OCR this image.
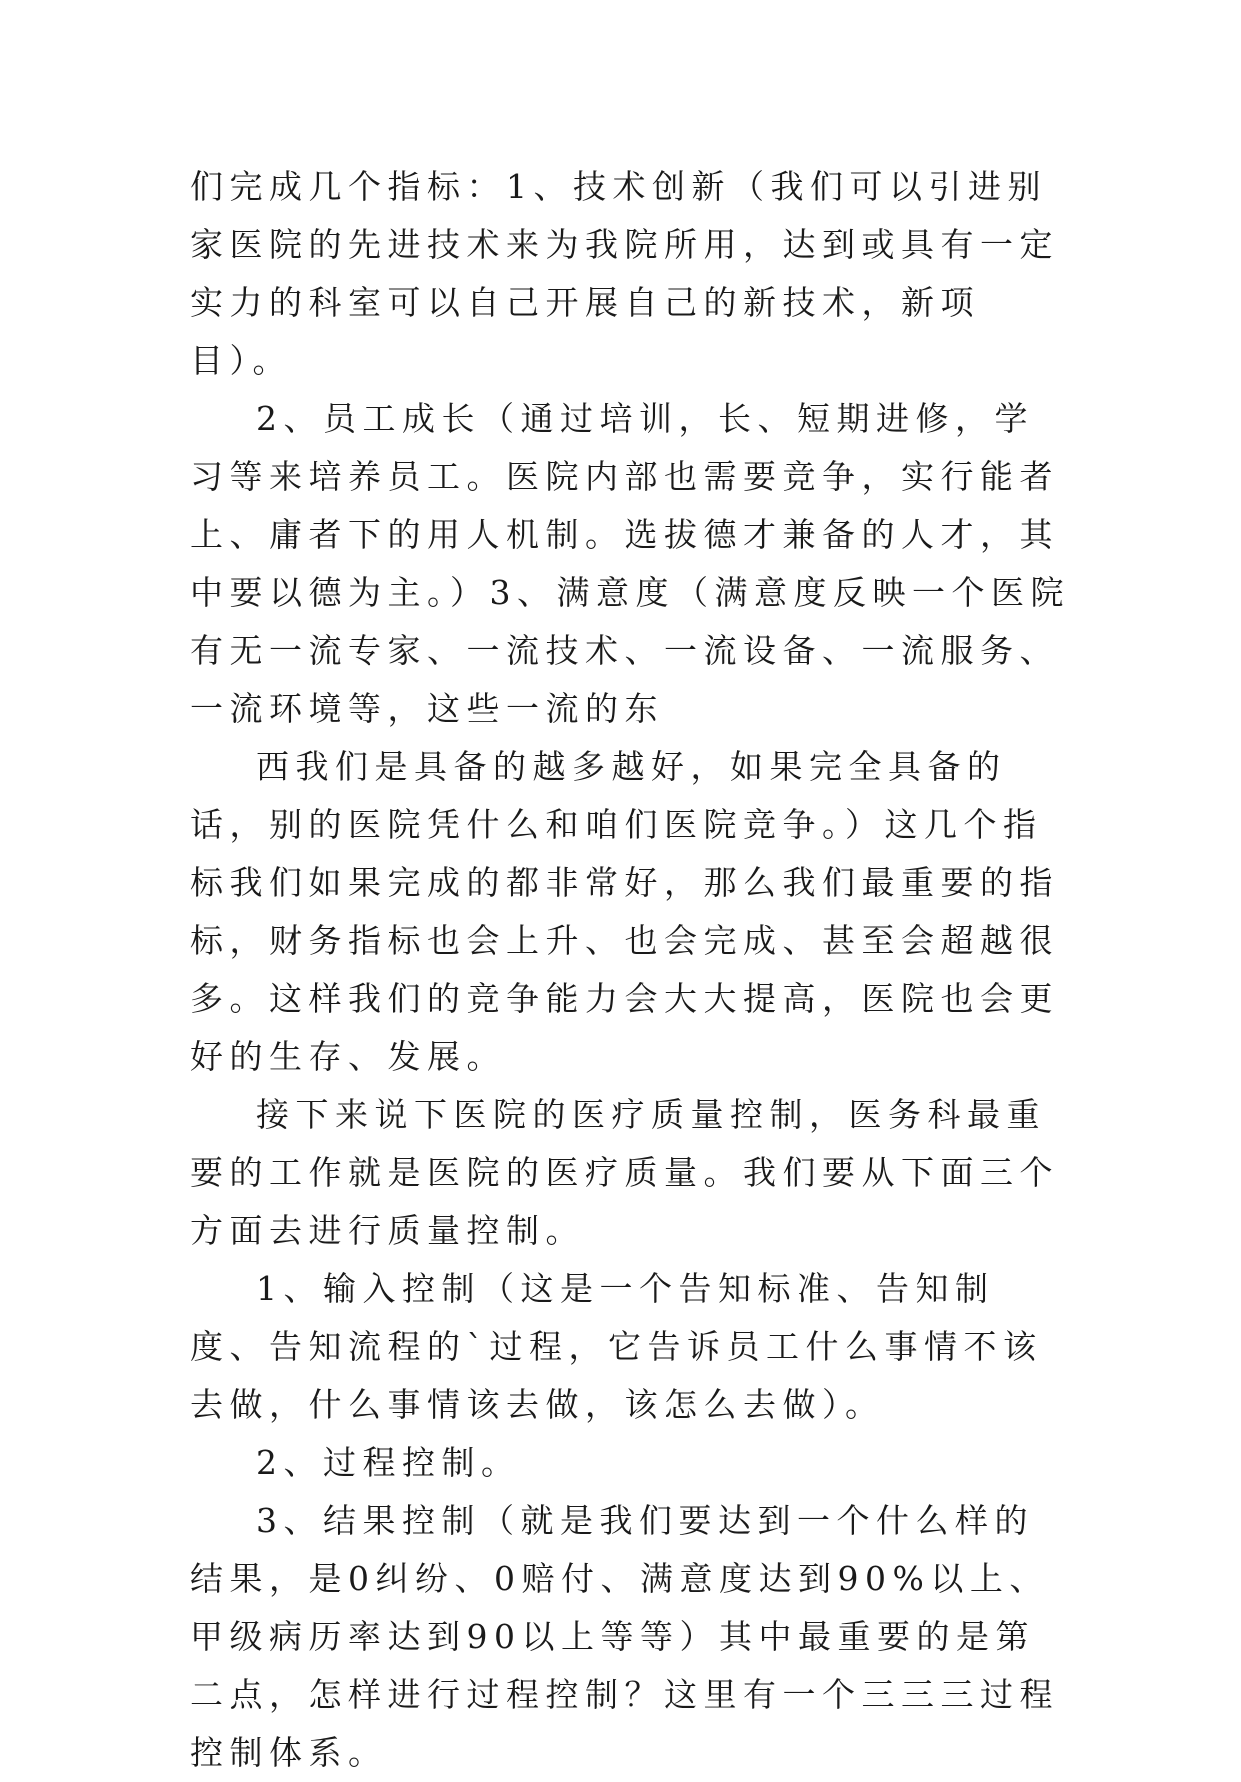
们完成几个指标：1、技术创新（我们可以引进别家医院的先进技术来为我院所用，达到或具有一定实力的科室可以自己开展自己的新技术，新项目）。

2、员工成长（通过培训，长、短期进修，学习等来培养员工。医院内部也需要竞争，实行能者上、庸者下的用人机制。选拔德才兼备的人才，其中要以德为主。）3、满意度（满意度反映一个医院有无一流专家、一流技术、一流设备、一流服务、一流环境等，这些一流的东

西我们是具备的越多越好，如果完全具备的话，别的医院凭什么和咱们医院竞争。）这几个指标我们如果完成的都非常好，那么我们最重要的指标，财务指标也会上升、也会完成、甚至会超越很多。这样我们的竞争能力会大大提高，医院也会更好的生存、发展。

接下来说下医院的医疗质量控制，医务科最重要的工作就是医院的医疗质量。我们要从下面三个方面去进行质量控制。

1、输入控制（这是一个告知标准、告知制度、告知流程的`过程，它告诉员工什么事情不该去做，什么事情该去做，该怎么去做）。

2、过程控制。

3、结果控制（就是我们要达到一个什么样的结果，是0纠纷、0赔付、满意度达到90%以上、甲级病历率达到90以上等等）其中最重要的是第二点，怎样进行过程控制？这里有一个三三三过程控制体系。
